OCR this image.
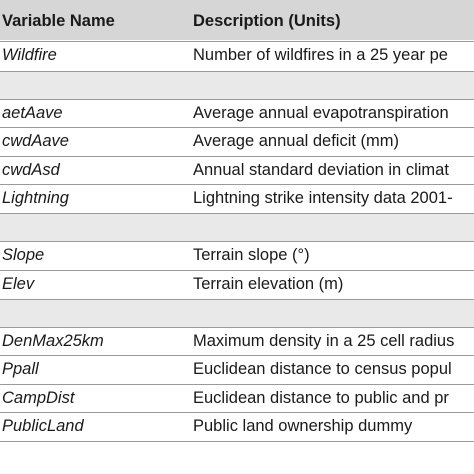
Variable Name	Description (Units)
Wildfire	Number of wildfires in a 25 year pe
aetAave	Average annual evapotranspiration
cwdAave	Average annual deficit (mm)
cwdAsd	Annual standard deviation in climat
Lightning	Lightning strike intensity data 2001-
Slope	Terrain slope (°)
Elev	Terrain elevation (m)
DenMax25km	Maximum density in a 25 cell radius
Ppall	Euclidean distance to census popul
CampDist	Euclidean distance to public and pr
PublicLand	Public land ownership dummy
